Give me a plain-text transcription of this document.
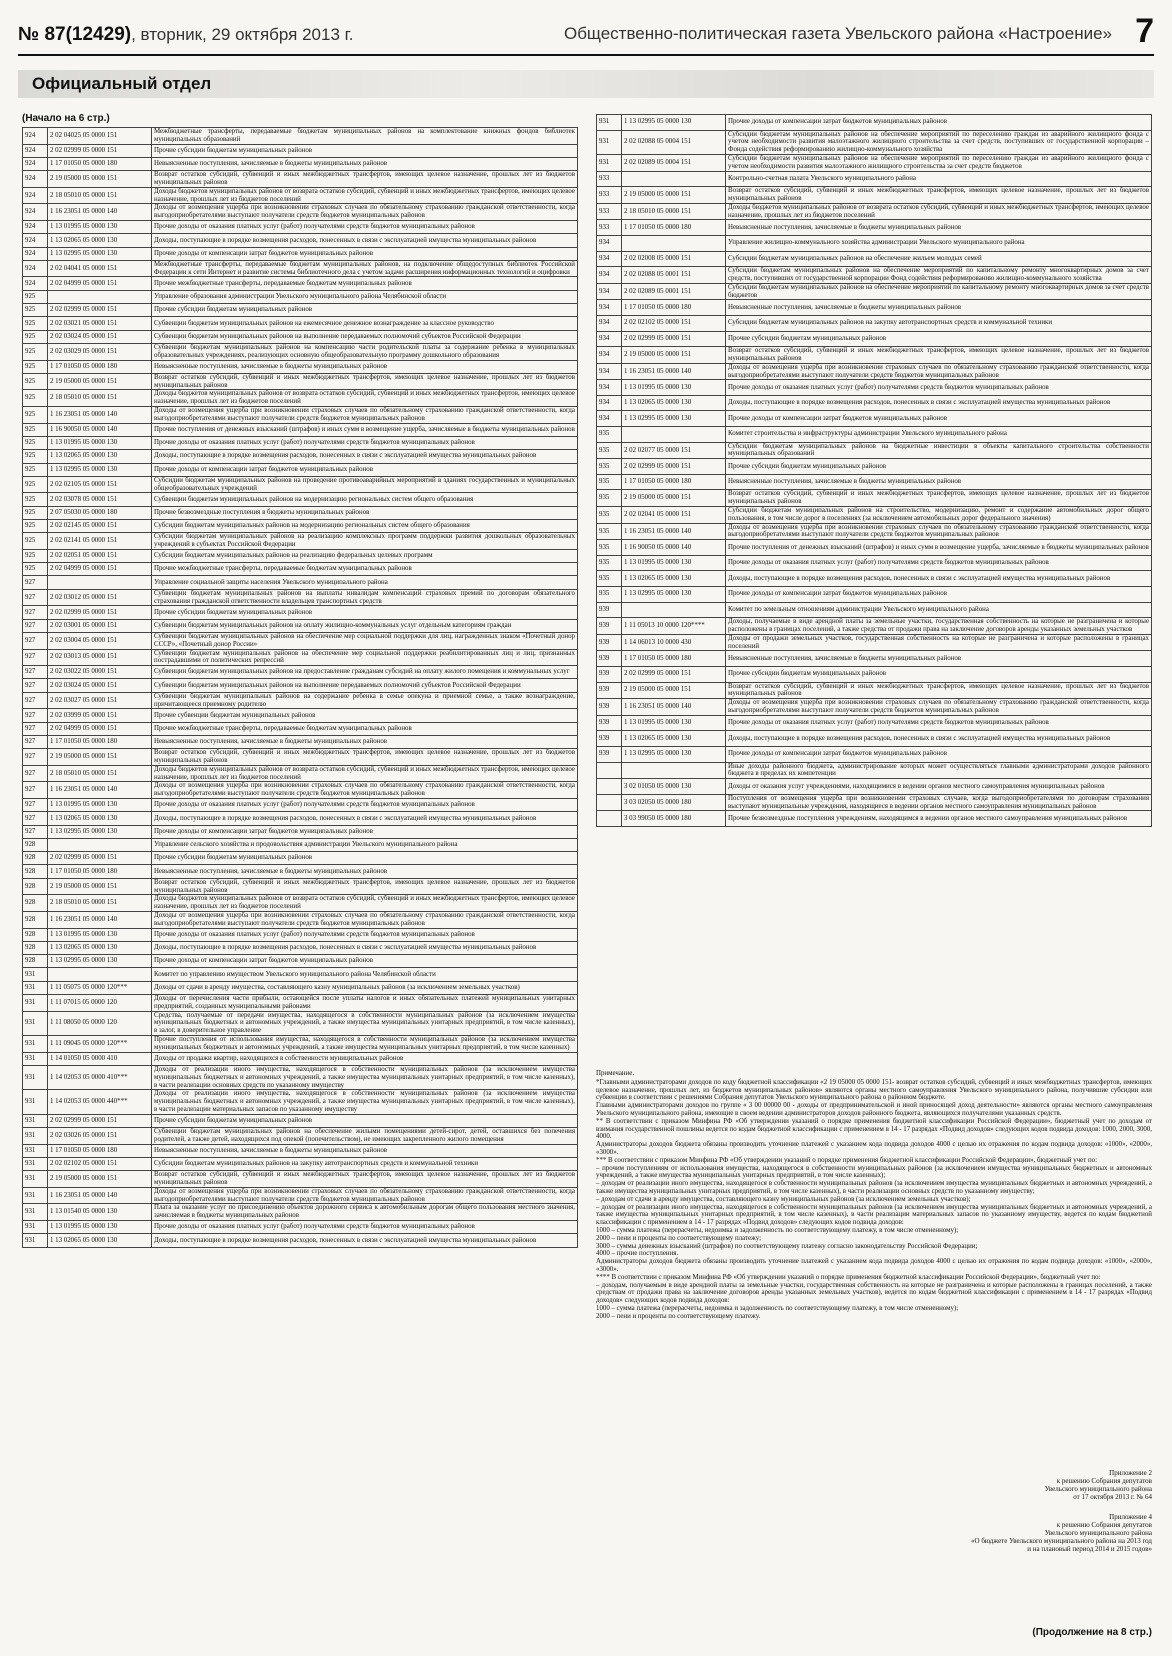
№ 87(12429), вторник, 29 октября 2013 г.	Общественно-политическая газета Увельского района «Настроение» 7
Официальный отдел
(Начало на 6 стр.)
924	2 02 04025 05 0000 151	Межбюджетные трансферты, передаваемые бюджетам муниципальных районов на комплектование книжных фондов библиотек муниципальных образований
924	2 02 02999 05 0000 151	Прочие субсидии бюджетам муниципальных районов
924	1 17 01050 05 0000 180	Невыясненные поступления, зачисляемые в бюджеты муниципальных районов
924	2 19 05000 05 0000 151	Возврат остатков субсидий, субвенций и иных межбюджетных трансфертов, имеющих целевое назначение, прошлых лет из бюджетов муниципальных районов
924	2 18 05010 05 0000 151	Доходы бюджетов муниципальных районов от возврата остатков субсидий, субвенций и иных межбюджетных трансфертов, имеющих целевое назначение, прошлых лет из бюджетов поселений
924	1 16 23051 05 0000 140	Доходы от возмещения ущерба при возникновении страховых случаев по обязательному страхованию гражданской ответственности, когда выгодоприобретателями выступают получатели средств бюджетов муниципальных районов
924	1 13 01995 05 0000 130	Прочие доходы от оказания платных услуг (работ) получателями средств бюджетов муниципальных районов
924	1 13 02065 05 0000 130	Доходы, поступающие в порядке возмещения расходов, понесенных в связи с эксплуатацией имущества муниципальных районов
924	1 13 02995 05 0000 130	Прочие доходы от компенсации затрат бюджетов муниципальных районов
924	2 02 04041 05 0000 151	Межбюджетные трансферты, передаваемые бюджетам муниципальных районов, на подключение общедоступных библиотек Российской Федерации к сети Интернет и развитие системы библиотечного дела с учетом задачи расширения информационных технологий и оцифровки
924	2 02 04999 05 0000 151	Прочие межбюджетные трансферты, передаваемые бюджетам муниципальных районов
925		Управление образования администрации Увельского муниципального района Челябинской области
925	2 02 02999 05 0000 151	Прочие субсидии бюджетам муниципальных районов
925	2 02 03021 05 0000 151	Субвенции бюджетам муниципальных районов на ежемесячное денежное вознаграждение за классное руководство
925	2 02 03024 05 0000 151	Субвенции бюджетам муниципальных районов на выполнение передаваемых полномочий субъектов Российской Федерации
925	2 02 03029 05 0000 151	Субвенции бюджетам муниципальных районов на компенсацию части родительской платы за содержание ребенка в муниципальных образовательных учреждениях, реализующих основную общеобразовательную программу дошкольного образования
925	1 17 01050 05 0000 180	Невыясненные поступления, зачисляемые в бюджеты муниципальных районов
925	2 19 05000 05 0000 151	Возврат остатков субсидий, субвенций и иных межбюджетных трансфертов, имеющих целевое назначение, прошлых лет из бюджетов муниципальных районов
925	2 18 05010 05 0000 151	Доходы бюджетов муниципальных районов от возврата остатков субсидий, субвенций и иных межбюджетных трансфертов, имеющих целевое назначение, прошлых лет из бюджетов поселений
925	1 16 23051 05 0000 140	Доходы от возмещения ущерба при возникновении страховых случаев по обязательному страхованию гражданской ответственности, когда выгодоприобретателями выступают получатели средств бюджетов муниципальных районов
925	1 16 90050 05 0000 140	Прочие поступления от денежных взысканий (штрафов) и иных сумм в возмещение ущерба, зачисляемые в бюджеты муниципальных районов
925	1 13 01995 05 0000 130	Прочие доходы от оказания платных услуг (работ) получателями средств бюджетов муниципальных районов
925	1 13 02065 05 0000 130	Доходы, поступающие в порядке возмещения расходов, понесенных в связи с эксплуатацией имущества муниципальных районов
925	1 13 02995 05 0000 130	Прочие доходы от компенсации затрат бюджетов муниципальных районов
925	2 02 02105 05 0000 151	Субсидии бюджетам муниципальных районов на проведение противоаварийных мероприятий в зданиях государственных и муниципальных общеобразовательных учреждений
925	2 02 03078 05 0000 151	Субвенции бюджетам муниципальных районов на модернизацию региональных систем общего образования
925	2 07 05030 05 0000 180	Прочие безвозмездные поступления в бюджеты муниципальных районов
925	2 02 02145 05 0000 151	Субсидии бюджетам муниципальных районов на модернизацию региональных систем общего образования
925	2 02 02141 05 0000 151	Субсидии бюджетам муниципальных районов на реализацию комплексных программ поддержки развития дошкольных образовательных учреждений в субъектах Российской Федерации
925	2 02 02051 05 0000 151	Субсидии бюджетам муниципальных районов на реализацию федеральных целевых программ
925	2 02 04999 05 0000 151	Прочие межбюджетные трансферты, передаваемые бюджетам муниципальных районов
927		Управление социальной защиты населения Увельского муниципального района
927	2 02 03012 05 0000 151	Субвенции бюджетам муниципальных районов на выплаты инвалидам компенсаций страховых премий по договорам обязательного страхования гражданской ответственности владельцев транспортных средств
927	2 02 02999 05 0000 151	Прочие субсидии бюджетам муниципальных районов
927	2 02 03001 05 0000 151	Субвенции бюджетам муниципальных районов на оплату жилищно-коммунальных услуг отдельным категориям граждан
927	2 02 03004 05 0000 151	Субвенции бюджетам муниципальных районов на обеспечение мер социальной поддержки для лиц, награжденных знаком «Почетный донор СССР», «Почетный донор России»
927	2 02 03013 05 0000 151	Субвенции бюджетам муниципальных районов на обеспечение мер социальной поддержки реабилитированных лиц и лиц, признанных пострадавшими от политических репрессий
927	2 02 03022 05 0000 151	Субвенции бюджетам муниципальных районов на предоставление гражданам субсидий на оплату жилого помещения и коммунальных услуг
927	2 02 03024 05 0000 151	Субвенции бюджетам муниципальных районов на выполнение передаваемых полномочий субъектов Российской Федерации
927	2 02 03027 05 0000 151	Субвенции бюджетам муниципальных районов на содержание ребенка в семье опекуна и приемной семье, а также вознаграждение, причитающееся приемному родителю
927	2 02 03999 05 0000 151	Прочие субвенции бюджетам муниципальных районов
927	2 02 04999 05 0000 151	Прочие межбюджетные трансферты, передаваемые бюджетам муниципальных районов
927	1 17 01050 05 0000 180	Невыясненные поступления, зачисляемые в бюджеты муниципальных районов
927	2 19 05000 05 0000 151	Возврат остатков субсидий, субвенций и иных межбюджетных трансфертов, имеющих целевое назначение, прошлых лет из бюджетов муниципальных районов
927	2 18 05010 05 0000 151	Доходы бюджетов муниципальных районов от возврата остатков субсидий, субвенций и иных межбюджетных трансфертов, имеющих целевое назначение, прошлых лет из бюджетов поселений
927	1 16 23051 05 0000 140	Доходы от возмещения ущерба при возникновении страховых случаев по обязательному страхованию гражданской ответственности, когда выгодоприобретателями выступают получатели средств бюджетов муниципальных районов
927	1 13 01995 05 0000 130	Прочие доходы от оказания платных услуг (работ) получателями средств бюджетов муниципальных районов
927	1 13 02065 05 0000 130	Доходы, поступающие в порядке возмещения расходов, понесенных в связи с эксплуатацией имущества муниципальных районов
927	1 13 02995 05 0000 130	Прочие доходы от компенсации затрат бюджетов муниципальных районов
928		Управление сельского хозяйства и продовольствия администрации Увельского муниципального района
928	2 02 02999 05 0000 151	Прочие субсидии бюджетам муниципальных районов
928	1 17 01050 05 0000 180	Невыясненные поступления, зачисляемые в бюджеты муниципальных районов
928	2 19 05000 05 0000 151	Возврат остатков субсидий, субвенций и иных межбюджетных трансфертов, имеющих целевое назначение, прошлых лет из бюджетов муниципальных районов
928	2 18 05010 05 0000 151	Доходы бюджетов муниципальных районов от возврата остатков субсидий, субвенций и иных межбюджетных трансфертов, имеющих целевое назначение, прошлых лет из бюджетов поселений
928	1 16 23051 05 0000 140	Доходы от возмещения ущерба при возникновении страховых случаев по обязательному страхованию гражданской ответственности, когда выгодоприобретателями выступают получатели средств бюджетов муниципальных районов
928	1 13 01995 05 0000 130	Прочие доходы от оказания платных услуг (работ) получателями средств бюджетов муниципальных районов
928	1 13 02065 05 0000 130	Доходы, поступающие в порядке возмещения расходов, понесенных в связи с эксплуатацией имущества муниципальных районов
928	1 13 02995 05 0000 130	Прочие доходы от компенсации затрат бюджетов муниципальных районов
931		Комитет по управлению имуществом Увельского муниципального района Челябинской области
931	1 11 05075 05 0000 120***	Доходы от сдачи в аренду имущества, составляющего казну муниципальных районов (за исключением земельных участков)
931	1 11 07015 05 0000 120	Доходы от перечисления части прибыли, остающейся после уплаты налогов и иных обязательных платежей муниципальных унитарных предприятий, созданных муниципальными районами
931	1 11 08050 05 0000 120	Средства, получаемые от передачи имущества, находящегося в собственности муниципальных районов (за исключением имущества муниципальных бюджетных и автономных учреждений, а также имущества муниципальных унитарных предприятий, в том числе казенных), в залог, в доверительное управление
931	1 11 09045 05 0000 120***	Прочие поступления от использования имущества, находящегося в собственности муниципальных районов (за исключением имущества муниципальных бюджетных и автономных учреждений, а также имущества муниципальных унитарных предприятий, в том числе казенных)
931	1 14 01050 05 0000 410	Доходы от продажи квартир, находящихся в собственности муниципальных районов
931	1 14 02053 05 0000 410***	Доходы от реализации иного имущества, находящегося в собственности муниципальных районов (за исключением имущества муниципальных бюджетных и автономных учреждений, а также имущества муниципальных унитарных предприятий, в том числе казенных), в части реализации основных средств по указанному имуществу
931	1 14 02053 05 0000 440***	Доходы от реализации иного имущества, находящегося в собственности муниципальных районов (за исключением имущества муниципальных бюджетных и автономных учреждений, а также имущества муниципальных унитарных предприятий, в том числе казенных), в части реализации материальных запасов по указанному имуществу
931	2 02 02999 05 0000 151	Прочие субсидии бюджетам муниципальных районов
931	2 02 03026 05 0000 151	Субвенции бюджетам муниципальных районов на обеспечение жилыми помещениями детей-сирот, детей, оставшихся без попечения родителей, а также детей, находящихся под опекой (попечительством), не имеющих закрепленного жилого помещения
931	1 17 01050 05 0000 180	Невыясненные поступления, зачисляемые в бюджеты муниципальных районов
931	2 02 02102 05 0000 151	Субсидии бюджетам муниципальных районов на закупку автотранспортных средств и коммунальной техники
931	2 19 05000 05 0000 151	Возврат остатков субсидий, субвенций и иных межбюджетных трансфертов, имеющих целевое назначение, прошлых лет из бюджетов муниципальных районов
931	1 16 23051 05 0000 140	Доходы от возмещения ущерба при возникновении страховых случаев по обязательному страхованию гражданской ответственности, когда выгодоприобретателями выступают получатели средств бюджетов муниципальных районов
931	1 13 01540 05 0000 130	Плата за оказание услуг по присоединению объектов дорожного сервиса к автомобильным дорогам общего пользования местного значения, зачисляемая в бюджеты муниципальных районов
931	1 13 01995 05 0000 130	Прочие доходы от оказания платных услуг (работ) получателями средств бюджетов муниципальных районов
931	1 13 02065 05 0000 130	Доходы, поступающие в порядке возмещения расходов, понесенных в связи с эксплуатацией имущества муниципальных районов
931	1 13 02995 05 0000 130	Прочие доходы от компенсации затрат бюджетов муниципальных районов
931	2 02 02088 05 0004 151	Субсидии бюджетам муниципальных районов на обеспечение мероприятий по переселению граждан из аварийного жилищного фонда с учетом необходимости развития малоэтажного жилищного строительства за счет средств, поступивших от государственной корпорации – Фонда содействия реформированию жилищно-коммунального хозяйства
931	2 02 02089 05 0004 151	Субсидии бюджетам муниципальных районов на обеспечение мероприятий по переселению граждан из аварийного жилищного фонда с учетом необходимости развития малоэтажного жилищного строительства за счет средств бюджетов
933		Контрольно-счетная палата Увельского муниципального района
933	2 19 05000 05 0000 151	Возврат остатков субсидий, субвенций и иных межбюджетных трансфертов, имеющих целевое назначение, прошлых лет из бюджетов муниципальных районов
933	2 18 05010 05 0000 151	Доходы бюджетов муниципальных районов от возврата остатков субсидий, субвенций и иных межбюджетных трансфертов, имеющих целевое назначение, прошлых лет из бюджетов поселений
933	1 17 01050 05 0000 180	Невыясненные поступления, зачисляемые в бюджеты муниципальных районов
934		Управление жилищно-коммунального хозяйства администрации Увельского муниципального района
934	2 02 02008 05 0000 151	Субсидии бюджетам муниципальных районов на обеспечение жильем молодых семей
934	2 02 02088 05 0001 151	Субсидии бюджетам муниципальных районов на обеспечение мероприятий по капитальному ремонту многоквартирных домов за счет средств, поступивших от государственной корпорации Фонд содействия реформированию жилищно-коммунального хозяйства
934	2 02 02089 05 0001 151	Субсидии бюджетам муниципальных районов на обеспечение мероприятий по капитальному ремонту многоквартирных домов за счет средств бюджетов
934	1 17 01050 05 0000 180	Невыясненные поступления, зачисляемые в бюджеты муниципальных районов
934	2 02 02102 05 0000 151	Субсидии бюджетам муниципальных районов на закупку автотранспортных средств и коммунальной техники
934	2 02 02999 05 0000 151	Прочие субсидии бюджетам муниципальных районов
934	2 19 05000 05 0000 151	Возврат остатков субсидий, субвенций и иных межбюджетных трансфертов, имеющих целевое назначение, прошлых лет из бюджетов муниципальных районов
934	1 16 23051 05 0000 140	Доходы от возмещения ущерба при возникновении страховых случаев по обязательному страхованию гражданской ответственности, когда выгодоприобретателями выступают получатели средств бюджетов муниципальных районов
934	1 13 01995 05 0000 130	Прочие доходы от оказания платных услуг (работ) получателями средств бюджетов муниципальных районов
934	1 13 02065 05 0000 130	Доходы, поступающие в порядке возмещения расходов, понесенных в связи с эксплуатацией имущества муниципальных районов
934	1 13 02995 05 0000 130	Прочие доходы от компенсации затрат бюджетов муниципальных районов
935		Комитет строительства и инфраструктуры администрации Увельского муниципального района
935	2 02 02077 05 0000 151	Субсидии бюджетам муниципальных районов на бюджетные инвестиции в объекты капитального строительства собственности муниципальных образований
935	2 02 02999 05 0000 151	Прочие субсидии бюджетам муниципальных районов
935	1 17 01050 05 0000 180	Невыясненные поступления, зачисляемые в бюджеты муниципальных районов
935	2 19 05000 05 0000 151	Возврат остатков субсидий, субвенций и иных межбюджетных трансфертов, имеющих целевое назначение, прошлых лет из бюджетов муниципальных районов
935	2 02 02041 05 0000 151	Субсидии бюджетам муниципальных районов на строительство, модернизацию, ремонт и содержание автомобильных дорог общего пользования, в том числе дорог в поселениях (за исключением автомобильных дорог федерального значения)
935	1 16 23051 05 0000 140	Доходы от возмещения ущерба при возникновении страховых случаев по обязательному страхованию гражданской ответственности, когда выгодоприобретателями выступают получатели средств бюджетов муниципальных районов
935	1 16 90050 05 0000 140	Прочие поступления от денежных взысканий (штрафов) и иных сумм в возмещение ущерба, зачисляемые в бюджеты муниципальных районов
935	1 13 01995 05 0000 130	Прочие доходы от оказания платных услуг (работ) получателями средств бюджетов муниципальных районов
935	1 13 02065 05 0000 130	Доходы, поступающие в порядке возмещения расходов, понесенных в связи с эксплуатацией имущества муниципальных районов
935	1 13 02995 05 0000 130	Прочие доходы от компенсации затрат бюджетов муниципальных районов
939		Комитет по земельным отношениям администрации Увельского муниципального района
939	1 11 05013 10 0000 120****	Доходы, получаемые в виде арендной платы за земельные участки, государственная собственность на которые не разграничена и которые расположены в границах поселений, а также средства от продажи права на заключение договоров аренды указанных земельных участков
939	1 14 06013 10 0000 430	Доходы от продажи земельных участков, государственная собственность на которые не разграничена и которые расположены в границах поселений
939	1 17 01050 05 0000 180	Невыясненные поступления, зачисляемые в бюджеты муниципальных районов
939	2 02 02999 05 0000 151	Прочие субсидии бюджетам муниципальных районов
939	2 19 05000 05 0000 151	Возврат остатков субсидий, субвенций и иных межбюджетных трансфертов, имеющих целевое назначение, прошлых лет из бюджетов муниципальных районов
939	1 16 23051 05 0000 140	Доходы от возмещения ущерба при возникновении страховых случаев по обязательному страхованию гражданской ответственности, когда выгодоприобретателями выступают получатели средств бюджетов муниципальных районов
939	1 13 01995 05 0000 130	Прочие доходы от оказания платных услуг (работ) получателями средств бюджетов муниципальных районов
939	1 13 02065 05 0000 130	Доходы, поступающие в порядке возмещения расходов, понесенных в связи с эксплуатацией имущества муниципальных районов
939	1 13 02995 05 0000 130	Прочие доходы от компенсации затрат бюджетов муниципальных районов
		Иные доходы районного бюджета, администрирование которых может осуществляться главными администраторами доходов районного бюджета в пределах их компетенции
	3 02 01050 05 0000 130	Доходы от оказания услуг учреждениями, находящимися в ведении органов местного самоуправления муниципальных районов
	3 03 02050 05 0000 180	Поступления от возмещения ущерба при возникновении страховых случаев, когда выгодоприобретателями по договорам страхования выступают муниципальные учреждения, находящиеся в ведении органов местного самоуправления муниципальных районов
	3 03 99050 05 0000 180	Прочие безвозмездные поступления учреждениям, находящимся в ведении органов местного самоуправления муниципальных районов

Примечание.

*Главными администраторами доходов по коду бюджетной классификации «2 19 05000 05 0000 151- возврат остатков субсидий, субвенций и иных межбюджетных трансфертов, имеющих целевое назначение, прошлых лет, из бюджетов муниципальных районов» являются органы местного самоуправления Увельского муниципального района, получившие субсидии или субвенции в соответствии с решениями Собрания депутатов Увельского муниципального района о районном бюджете.

Главными администраторами доходов по группе « 3 00 00000 00 - доходы от предпринимательской и иной приносящей доход деятельности» являются органы местного самоуправления Увельского муниципального района, имеющие в своем ведении администраторов доходов районного бюджета, являющихся получателями указанных средств.

** В соответствии с приказом Минфина РФ «Об утверждении указаний о порядке применения бюджетной классификации Российской Федерации», бюджетный учет по доходам от взимания государственной пошлины ведется по кодам бюджетной классификации с применением в 14 - 17 разрядах «Подвид доходов» следующих кодов подвида доходов: 1000, 2000, 3000, 4000.

Администраторы доходов бюджета обязаны производить уточнение платежей с указанием кода подвида доходов 4000 с целью их отражения по кодам подвида доходов: «1000», «2000», «3000».

*** В соответствии с приказом Минфина РФ «Об утверждении указаний о порядке применения бюджетной классификации Российской Федерации», бюджетный учет по:

– прочим поступлениям от использования имущества, находящегося в собственности муниципальных районов (за исключением имущества муниципальных бюджетных и автономных учреждений, а также имущества муниципальных унитарных предприятий, в том числе казенных);

– доходам от реализации иного имущества, находящегося в собственности муниципальных районов (за исключением имущества муниципальных бюджетных и автономных учреждений, а также имущества муниципальных унитарных предприятий, в том числе казенных), в части реализации основных средств по указанному имуществу;

– доходам от сдачи в аренду имущества, составляющего казну муниципальных районов (за исключением земельных участков);

– доходам от реализации иного имущества, находящегося в собственности муниципальных районов (за исключением имущества муниципальных бюджетных и автономных учреждений, а также имущества муниципальных унитарных предприятий, в том числе казенных), в части реализации материальных запасов по указанному имуществу, ведется по кодам бюджетной классификации с применением в 14 - 17 разрядах «Подвид доходов» следующих кодов подвида доходов:

1000 – сумма платежа (перерасчеты, недоимка и задолженность по соответствующему платежу, в том числе отмененному);

2000 – пени и проценты по соответствующему платежу;

3000 – суммы денежных взысканий (штрафов) по соответствующему платежу согласно законодательству Российской Федерации;

4000 – прочие поступления.

Администраторы доходов бюджета обязаны производить уточнение платежей с указанием кода подвида доходов 4000 с целью их отражения по кодам подвида доходов: «1000», «2000», «3000».

**** В соответствии с приказом Минфина РФ «Об утверждении указаний о порядке применения бюджетной классификации Российской Федерации», бюджетный учет по:

– доходам, получаемым в виде арендной платы за земельные участки, государственная собственность на которые не разграничена и которые расположены в границах поселений, а также средствам от продажи права на заключение договоров аренды указанных земельных участков), ведется по кодам бюджетной классификации с применением в 14 - 17 разрядах «Подвид доходов» следующих кодов подвида доходов:

1000 – сумма платежа (перерасчеты, недоимка и задолженность по соответствующему платежу, в том числе отмененному);

2000 – пени и проценты по соответствующему платежу.

Приложение 2
к решению Собрания депутатов
Увельского муниципального района
от 17 октября 2013 г. № 64
Приложение 4
к решению Собрания депутатов
Увельского муниципального района
«О бюджете Увельского муниципального района на 2013 год
и на плановый период 2014 и 2015 годов»
(Продолжение на 8 стр.)
